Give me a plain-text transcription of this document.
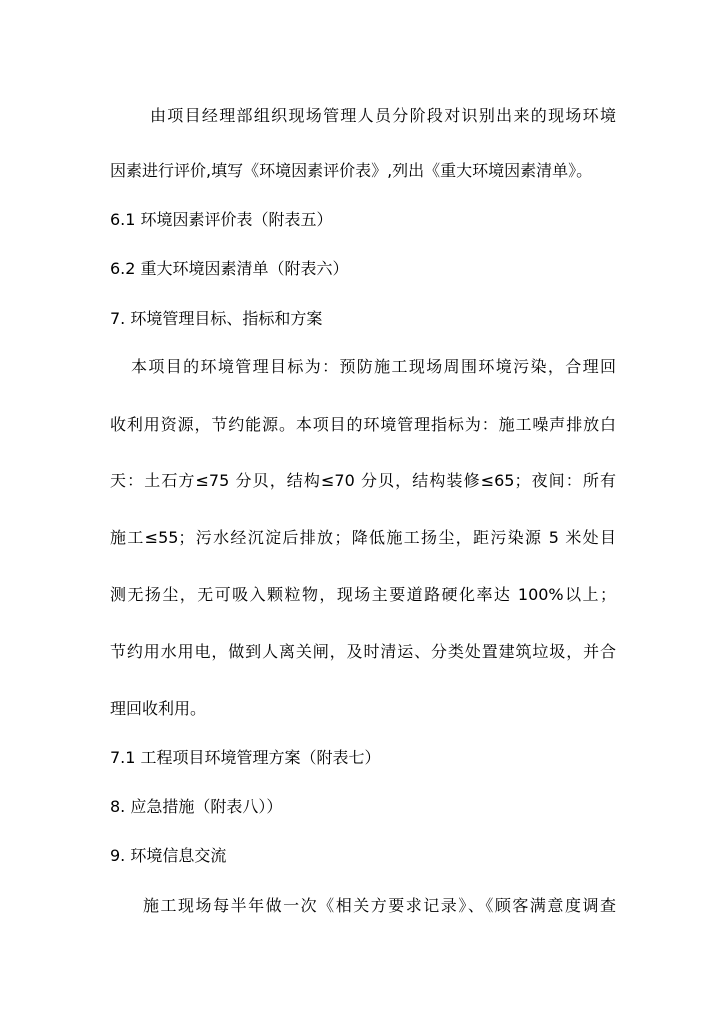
由项目经理部组织现场管理人员分阶段对识别出来的现场环境
因素进行评价,填写《环境因素评价表》,列出《重大环境因素清单》。
6.1 环境因素评价表（附表五）
6.2 重大环境因素清单（附表六）
7. 环境管理目标、指标和方案
本项目的环境管理目标为：预防施工现场周围环境污染，合理回
收利用资源，节约能源。本项目的环境管理指标为：施工噪声排放白
天：土石方≤75 分贝，结构≤70 分贝，结构装修≤65；夜间：所有
施工≤55；污水经沉淀后排放；降低施工扬尘，距污染源 5 米处目
测无扬尘，无可吸入颗粒物，现场主要道路硬化率达 100%以上；
节约用水用电，做到人离关闸，及时清运、分类处置建筑垃圾，并合
理回收利用。
7.1 工程项目环境管理方案（附表七）
8. 应急措施（附表八））
9. 环境信息交流
施工现场每半年做一次《相关方要求记录》、《顾客满意度调查
